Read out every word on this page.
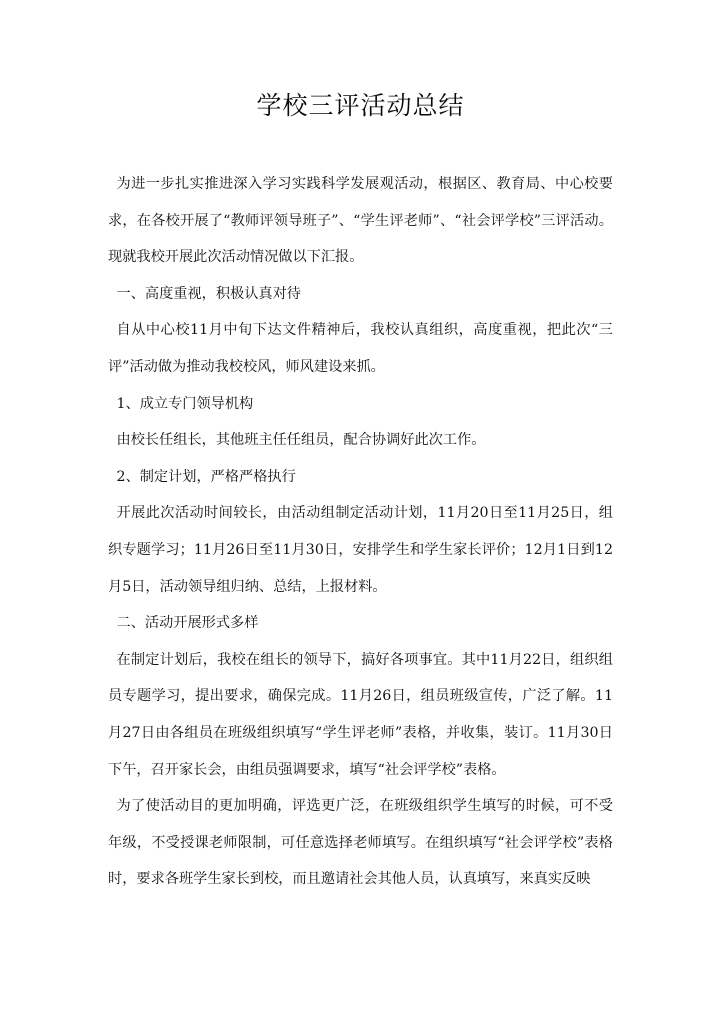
学校三评活动总结

为进一步扎实推进深入学习实践科学发展观活动，根据区、教育局、中心校要求，在各校开展了“教师评领导班子”、“学生评老师”、“社会评学校”三评活动。现就我校开展此次活动情况做以下汇报。

一、高度重视，积极认真对待

自从中心校11月中旬下达文件精神后，我校认真组织，高度重视，把此次“三评”活动做为推动我校校风，师风建设来抓。

1、成立专门领导机构

由校长任组长，其他班主任任组员，配合协调好此次工作。

2、制定计划，严格严格执行

开展此次活动时间较长，由活动组制定活动计划，11月20日至11月25日，组织专题学习；11月26日至11月30日，安排学生和学生家长评价；12月1日到12月5日，活动领导组归纳、总结，上报材料。

二、活动开展形式多样

在制定计划后，我校在组长的领导下，搞好各项事宜。其中11月22日，组织组员专题学习，提出要求，确保完成。11月26日，组员班级宣传，广泛了解。11月27日由各组员在班级组织填写“学生评老师”表格，并收集，装订。11月30日下午，召开家长会，由组员强调要求，填写“社会评学校”表格。

为了使活动目的更加明确，评选更广泛，在班级组织学生填写的时候，可不受年级，不受授课老师限制，可任意选择老师填写。在组织填写“社会评学校”表格时，要求各班学生家长到校，而且邀请社会其他人员，认真填写，来真实反映
